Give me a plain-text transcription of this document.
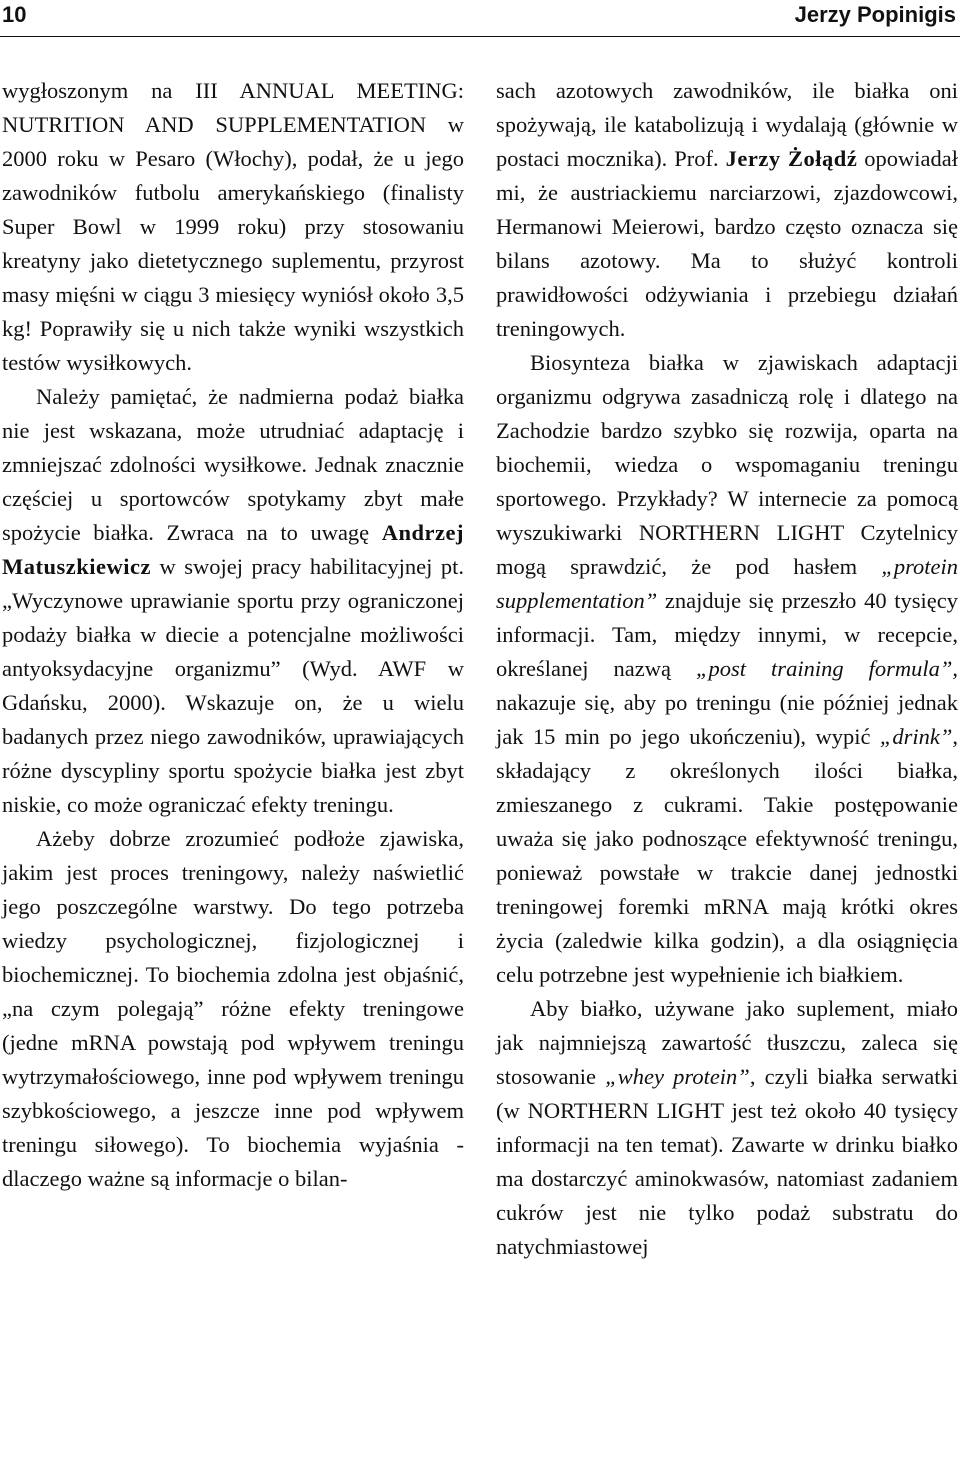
10	Jerzy Popinigis

wygłoszonym na III ANNUAL MEETING: NUTRITION AND SUPPLEMENTATION w 2000 roku w Pesaro (Włochy), podał, że u jego zawodników futbolu amerykańskiego (finalisty Super Bowl w 1999 roku) przy stosowaniu kreatyny jako dietetycznego suplementu, przyrost masy mięśni w ciągu 3 miesięcy wyniósł około 3,5 kg! Poprawiły się u nich także wyniki wszystkich testów wysiłkowych.

Należy pamiętać, że nadmierna podaż białka nie jest wskazana, może utrudniać adaptację i zmniejszać zdolności wysiłkowe. Jednak znacznie częściej u sportowców spotykamy zbyt małe spożycie białka. Zwraca na to uwagę Andrzej Matuszkiewicz w swojej pracy habilitacyjnej pt. „Wyczynowe uprawianie sportu przy ograniczonej podaży białka w diecie a potencjalne możliwości antyoksydacyjne organizmu” (Wyd. AWF w Gdańsku, 2000). Wskazuje on, że u wielu badanych przez niego zawodników, uprawiających różne dyscypliny sportu spożycie białka jest zbyt niskie, co może ograniczać efekty treningu.

Ażeby dobrze zrozumieć podłoże zjawiska, jakim jest proces treningowy, należy naświetlić jego poszczególne warstwy. Do tego potrzeba wiedzy psychologicznej, fizjologicznej i biochemicznej. To biochemia zdolna jest objaśnić, „na czym polegają” różne efekty treningowe (jedne mRNA powstają pod wpływem treningu wytrzymałościowego, inne pod wpływem treningu szybkościowego, a jeszcze inne pod wpływem treningu siłowego). To biochemia wyjaśnia - dlaczego ważne są informacje o bilan-

sach azotowych zawodników, ile białka oni spożywają, ile katabolizują i wydalają (głównie w postaci mocznika). Prof. Jerzy Żołądź opowiadał mi, że austriackiemu narciarzowi, zjazdowcowi, Hermanowi Meierowi, bardzo często oznacza się bilans azotowy. Ma to służyć kontroli prawidłowości odżywiania i przebiegu działań treningowych.

Biosynteza białka w zjawiskach adaptacji organizmu odgrywa zasadniczą rolę i dlatego na Zachodzie bardzo szybko się rozwija, oparta na biochemii, wiedza o wspomaganiu treningu sportowego. Przykłady? W internecie za pomocą wyszukiwarki NORTHERN LIGHT Czytelnicy mogą sprawdzić, że pod hasłem „protein supplementation” znajduje się przeszło 40 tysięcy informacji. Tam, między innymi, w recepcie, określanej nazwą „post training formula”, nakazuje się, aby po treningu (nie później jednak jak 15 min po jego ukończeniu), wypić „drink”, składający z określonych ilości białka, zmieszanego z cukrami. Takie postępowanie uważa się jako podnoszące efektywność treningu, ponieważ powstałe w trakcie danej jednostki treningowej foremki mRNA mają krótki okres życia (zaledwie kilka godzin), a dla osiągnięcia celu potrzebne jest wypełnienie ich białkiem.

Aby białko, używane jako suplement, miało jak najmniejszą zawartość tłuszczu, zaleca się stosowanie „whey protein”, czyli białka serwatki (w NORTHERN LIGHT jest też około 40 tysięcy informacji na ten temat). Zawarte w drinku białko ma dostarczyć aminokwasów, natomiast zadaniem cukrów jest nie tylko podaż substratu do natychmiastowej
